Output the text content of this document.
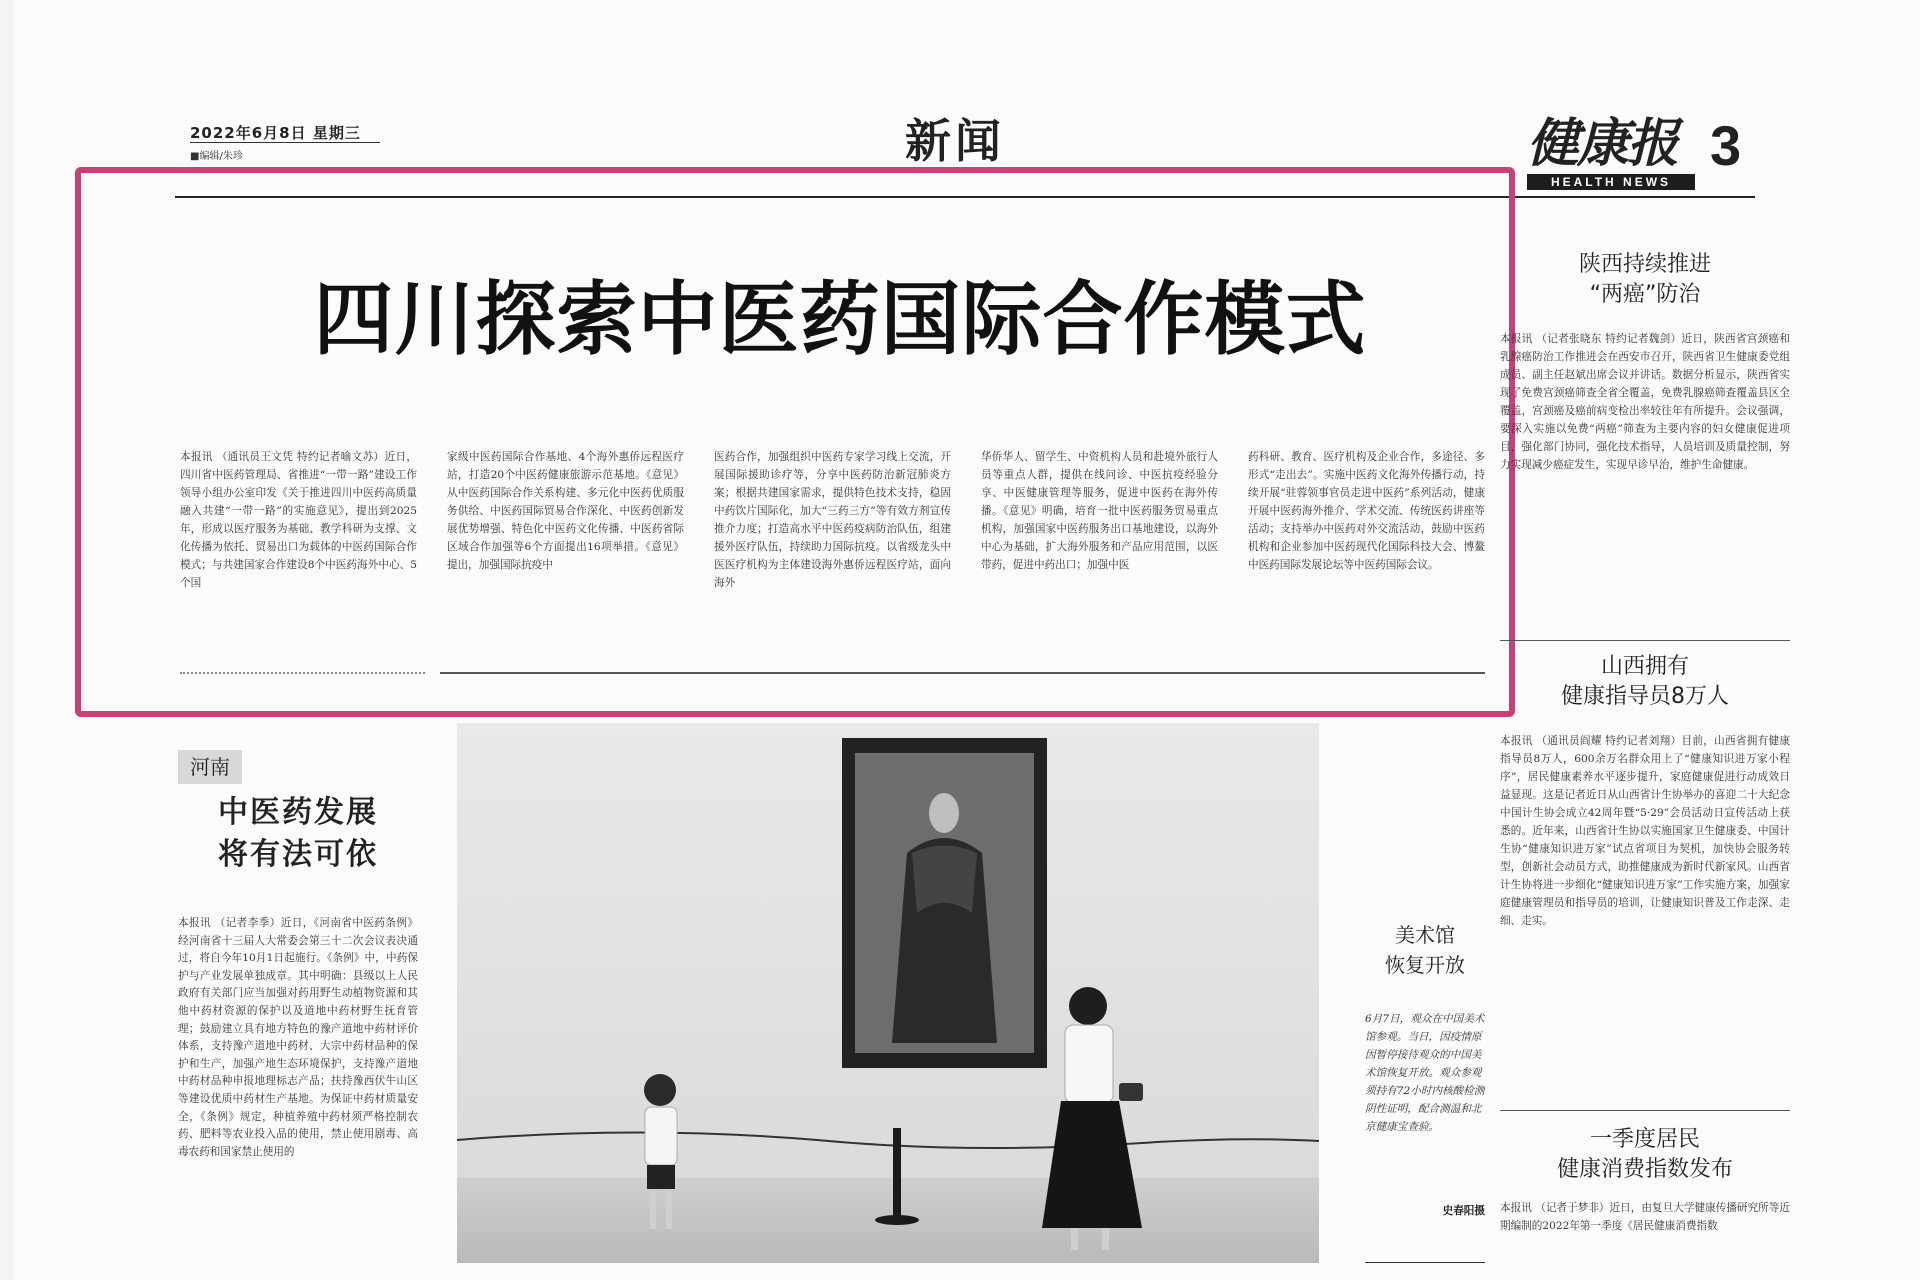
2022年6月8日 星期三
■编辑/朱珍	新闻	健康报 3
HEALTH NEWS
四川探索中医药国际合作模式
本报讯 （通讯员王文凭 特约记者喻文苏）近日，四川省中医药管理局、省推进“一带一路”建设工作领导小组办公室印发《关于推进四川中医药高质量融入共建“一带一路”的实施意见》，提出到2025年，形成以医疗服务为基础、教学科研为支撑、文化传播为依托、贸易出口为载体的中医药国际合作模式；与共建国家合作建设8个中医药海外中心、5个国
家级中医药国际合作基地、4个海外惠侨远程医疗站，打造20个中医药健康旅游示范基地。《意见》从中医药国际合作关系构建、多元化中医药优质服务供给、中医药国际贸易合作深化、中医药创新发展优势增强、特色化中医药文化传播、中医药省际区域合作加强等6个方面提出16项举措。《意见》提出，加强国际抗疫中
医药合作，加强组织中医药专家学习线上交流，开展国际援助诊疗等，分享中医药防治新冠肺炎方案；根据共建国家需求，提供特色技术支持，稳固中药饮片国际化，加大“三药三方”等有效方剂宣传推介力度；打造高水平中医药疫病防治队伍，组建援外医疗队伍，持续助力国际抗疫。以省级龙头中医医疗机构为主体建设海外惠侨远程医疗站，面向海外
华侨华人、留学生、中资机构人员和赴境外旅行人员等重点人群，提供在线问诊、中医抗疫经验分享、中医健康管理等服务，促进中医药在海外传播。《意见》明确，培育一批中医药服务贸易重点机构，加强国家中医药服务出口基地建设，以海外中心为基础，扩大海外服务和产品应用范围，以医带药，促进中药出口；加强中医
药科研、教育、医疗机构及企业合作，多途径、多形式“走出去”。实施中医药文化海外传播行动，持续开展“驻蓉领事官员走进中医药”系列活动，健康开展中医药海外推介、学术交流、传统医药讲座等活动；支持举办中医药对外交流活动，鼓励中医药机构和企业参加中医药现代化国际科技大会、博鳌中医药国际发展论坛等中医药国际会议。
陕西持续推进
“两癌”防治
本报讯 （记者张晓东 特约记者魏剑）近日，陕西省宫颈癌和乳腺癌防治工作推进会在西安市召开，陕西省卫生健康委党组成员、副主任赵斌出席会议并讲话。数据分析显示，陕西省实现了免费宫颈癌筛查全省全覆盖，免费乳腺癌筛查覆盖县区全覆盖，宫颈癌及癌前病变检出率较往年有所提升。会议强调，要深入实施以免费“两癌”筛查为主要内容的妇女健康促进项目，强化部门协同，强化技术指导，人员培训及质量控制，努力实现减少癌症发生，实现早诊早治，维护生命健康。
山西拥有
健康指导员8万人
本报讯 （通讯员阎耀 特约记者刘翔）目前，山西省拥有健康指导员8万人，600余万名群众用上了“健康知识进万家小程序”，居民健康素养水平逐步提升，家庭健康促进行动成效日益显现。这是记者近日从山西省计生协举办的喜迎二十大纪念中国计生协会成立42周年暨“5·29”会员活动日宣传活动上获悉的。近年来，山西省计生协以实施国家卫生健康委、中国计生协“健康知识进万家”试点省项目为契机，加快协会服务转型，创新社会动员方式，助推健康成为新时代新家风。山西省计生协将进一步细化“健康知识进万家”工作实施方案，加强家庭健康管理员和指导员的培训，让健康知识普及工作走深、走细、走实。
一季度居民
健康消费指数发布
本报讯 （记者于梦非）近日，由复旦大学健康传播研究所等近期编制的2022年第一季度《居民健康消费指数
河南
中医药发展
将有法可依
本报讯 （记者李季）近日，《河南省中医药条例》经河南省十三届人大常委会第三十二次会议表决通过，将自今年10月1日起施行。《条例》中，中药保护与产业发展单独成章。其中明确：县级以上人民政府有关部门应当加强对药用野生动植物资源和其他中药材资源的保护以及道地中药材野生抚育管理；鼓励建立具有地方特色的豫产道地中药材评价体系，支持豫产道地中药材、大宗中药材品种的保护和生产，加强产地生态环境保护，支持豫产道地中药材品种申报地理标志产品；扶持豫西伏牛山区等建设优质中药材生产基地。为保证中药材质量安全，《条例》规定，种植养殖中药材须严格控制农药、肥料等农业投入品的使用，禁止使用剧毒、高毒农药和国家禁止使用的
美术馆
恢复开放
6月7日，观众在中国美术馆参观。当日，因疫情原因暂停接待观众的中国美术馆恢复开放。观众参观须持有72小时内核酸检测阴性证明，配合测温和北京健康宝查验。
史春阳摄
